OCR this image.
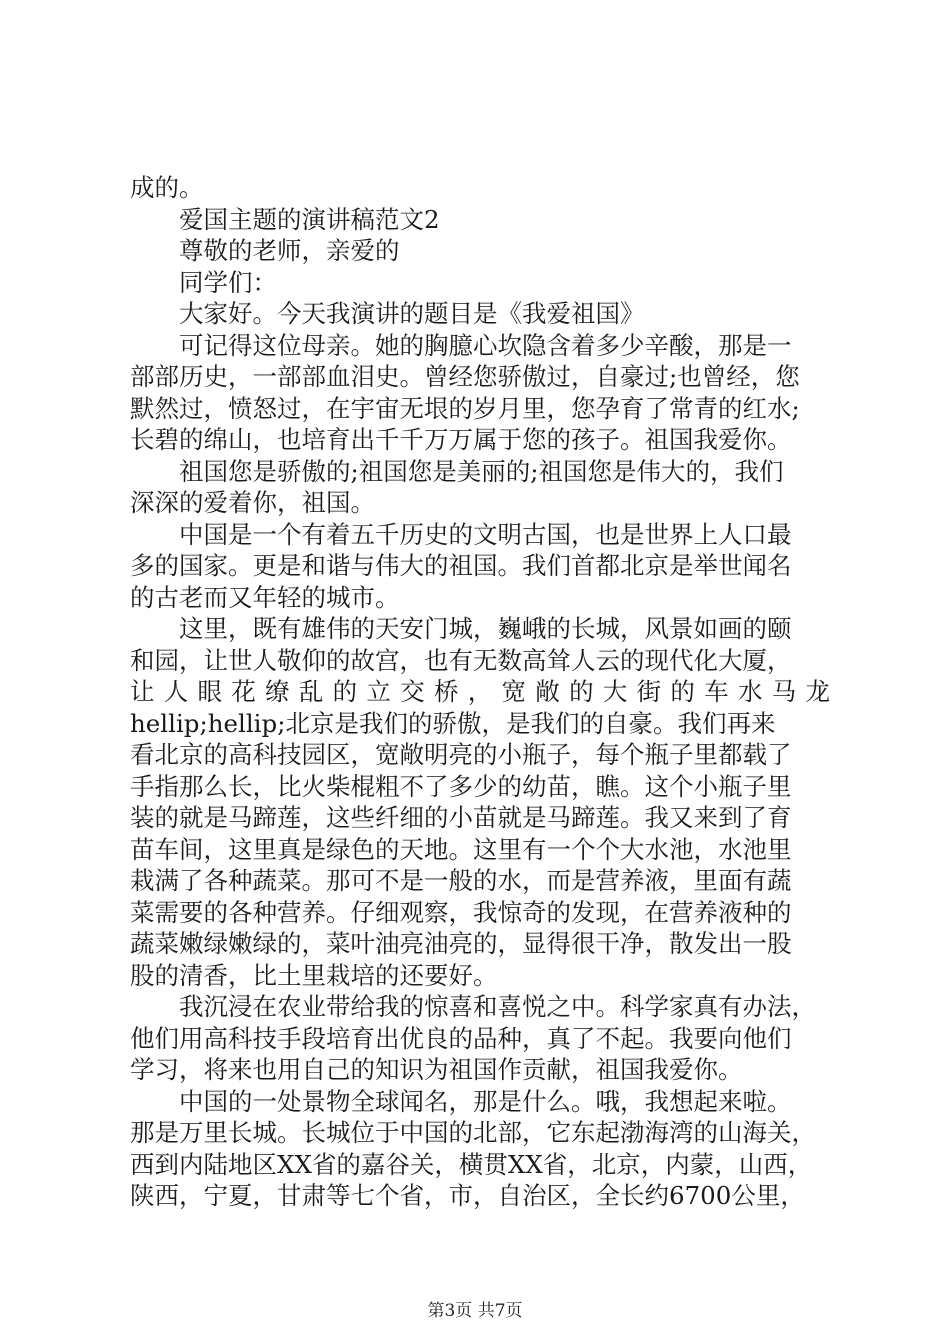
成的。
爱国主题的演讲稿范文2
尊敬的老师，亲爱的
同学们：
大家好。今天我演讲的题目是《我爱祖国》
可记得这位母亲。她的胸臆心坎隐含着多少辛酸，那是一
部部历史，一部部血泪史。曾经您骄傲过，自豪过;也曾经，您
默然过，愤怒过，在宇宙无垠的岁月里，您孕育了常青的红水;
长碧的绵山，也培育出千千万万属于您的孩子。祖国我爱你。
祖国您是骄傲的;祖国您是美丽的;祖国您是伟大的，我们
深深的爱着你，祖国。
中国是一个有着五千历史的文明古国，也是世界上人口最
多的国家。更是和谐与伟大的祖国。我们首都北京是举世闻名
的古老而又年轻的城市。
这里，既有雄伟的天安门城，巍峨的长城，风景如画的颐
和园，让世人敬仰的故宫，也有无数高耸人云的现代化大厦，
让人眼花缭乱的立交桥，宽敞的大街的车水马龙
hellip;hellip;北京是我们的骄傲，是我们的自豪。我们再来
看北京的高科技园区，宽敞明亮的小瓶子，每个瓶子里都载了
手指那么长，比火柴棍粗不了多少的幼苗，瞧。这个小瓶子里
装的就是马蹄莲，这些纤细的小苗就是马蹄莲。我又来到了育
苗车间，这里真是绿色的天地。这里有一个个大水池，水池里
栽满了各种蔬菜。那可不是一般的水，而是营养液，里面有蔬
菜需要的各种营养。仔细观察，我惊奇的发现，在营养液种的
蔬菜嫩绿嫩绿的，菜叶油亮油亮的，显得很干净，散发出一股
股的清香，比土里栽培的还要好。
我沉浸在农业带给我的惊喜和喜悦之中。科学家真有办法，
他们用高科技手段培育出优良的品种，真了不起。我要向他们
学习，将来也用自己的知识为祖国作贡献，祖国我爱你。
中国的一处景物全球闻名，那是什么。哦，我想起来啦。
那是万里长城。长城位于中国的北部，它东起渤海湾的山海关，
西到内陆地区XX省的嘉谷关，横贯XX省，北京，内蒙，山西，
陕西，宁夏，甘肃等七个省，市，自治区，全长约6700公里，
第3页 共7页
